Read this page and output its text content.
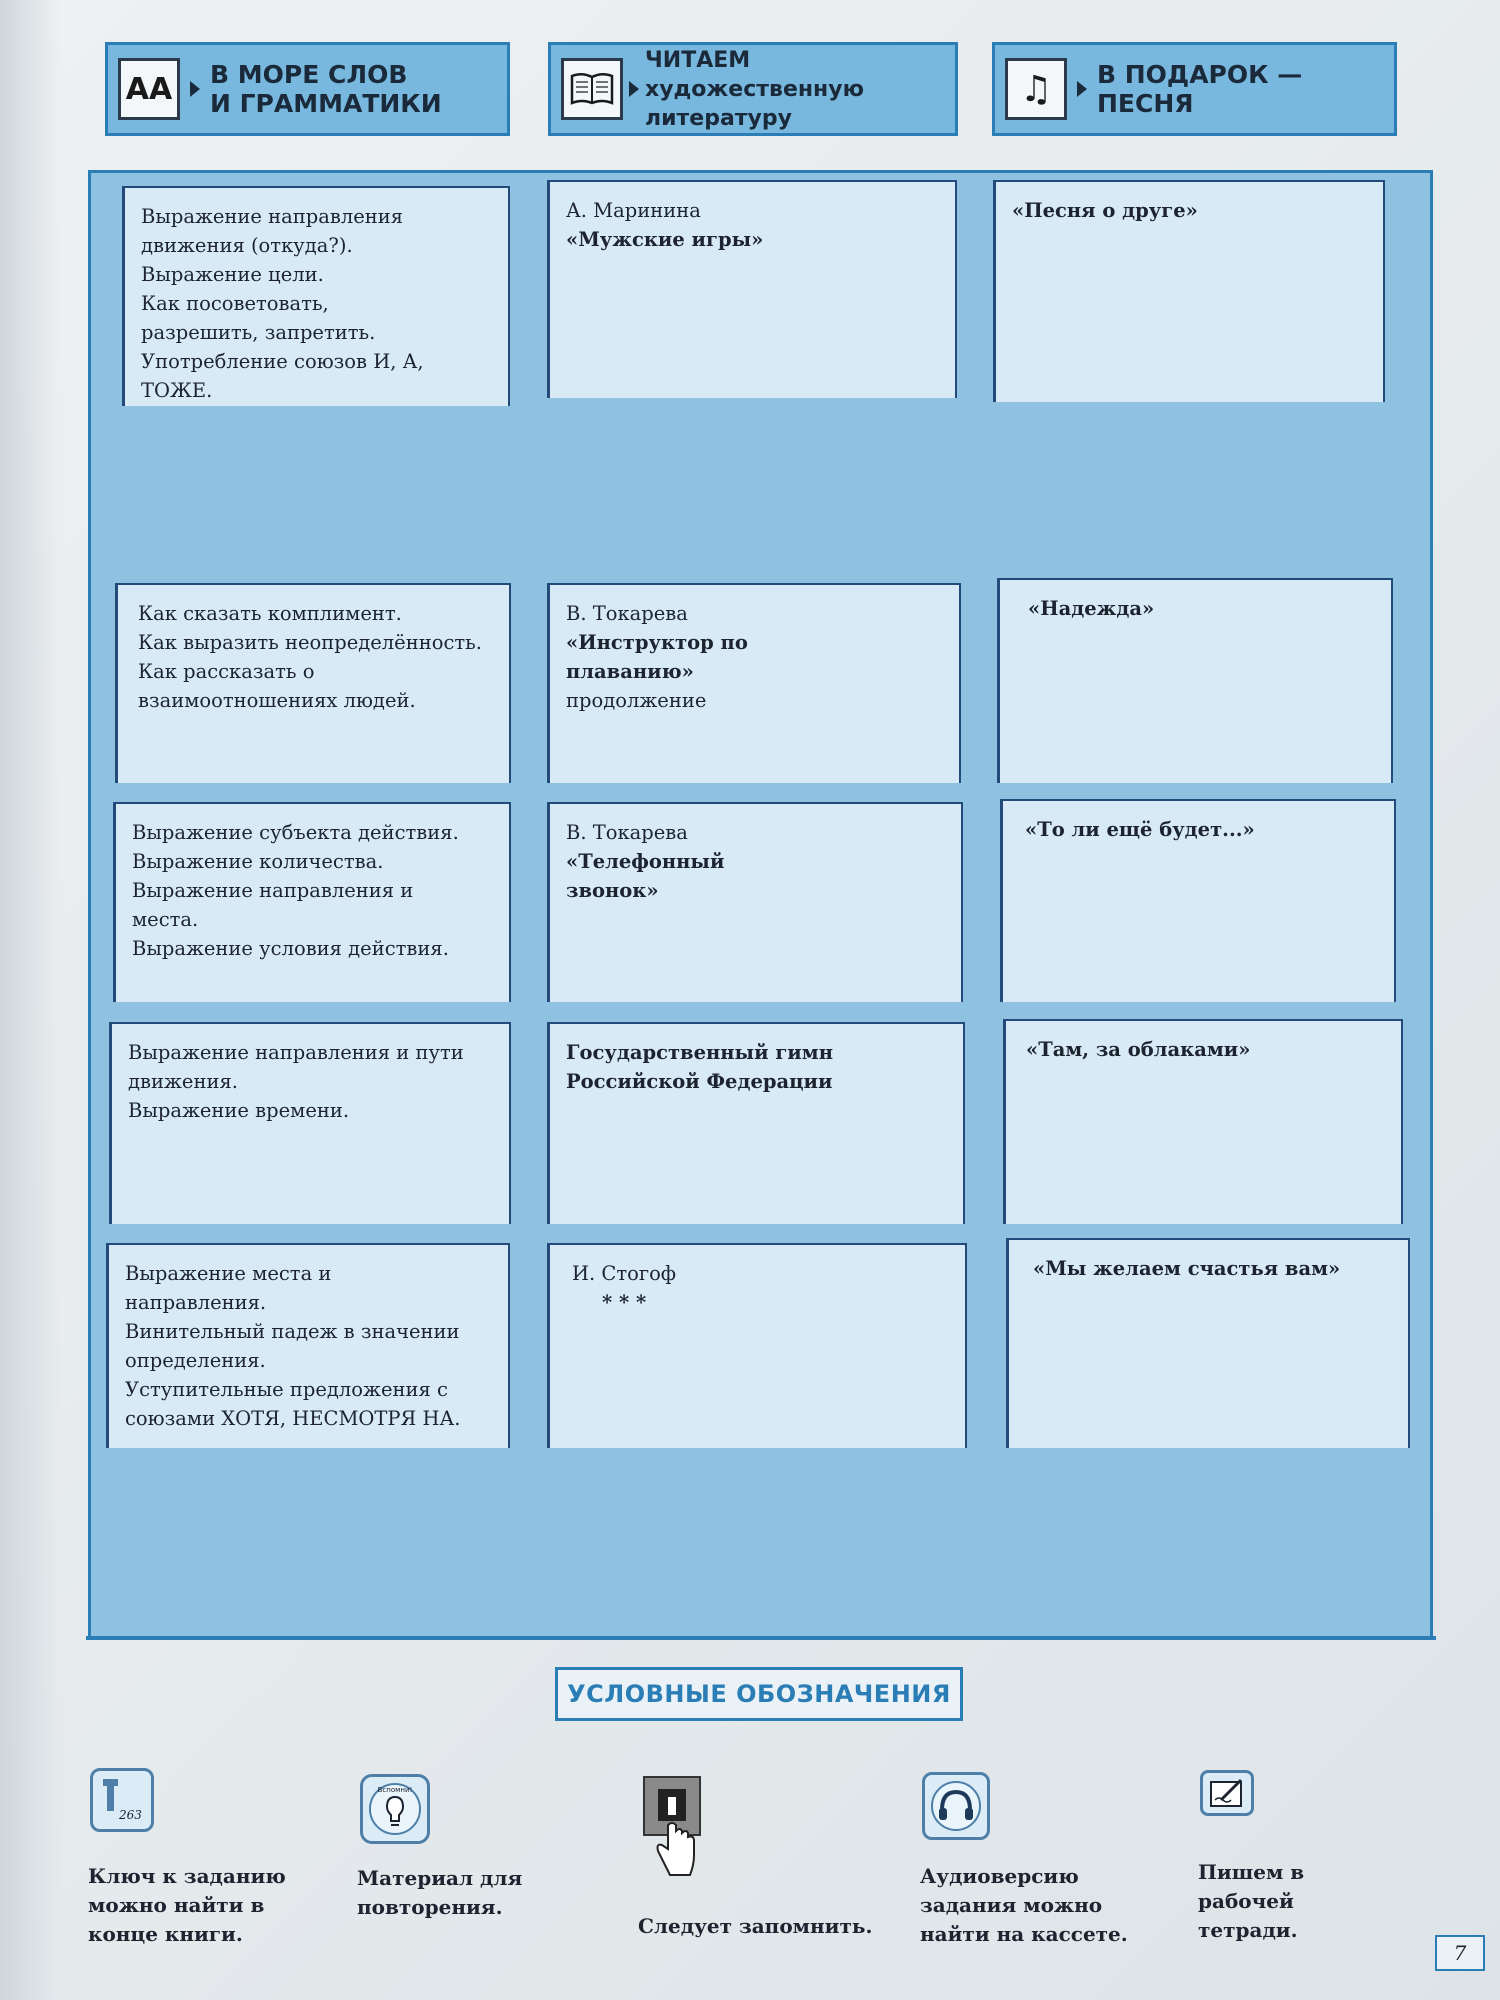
AA В МОРЕ СЛОВ
И ГРАММАТИКИ
ЧИТАЕМ
художественную
литературу
♫ В ПОДАРОК —
ПЕСНЯ
Выражение направления
движения (откуда?).
Выражение цели.
Как посоветовать,
разрешить, запретить.
Употребление союзов И, А,
ТОЖЕ.
А. Маринина
«Мужские игры»
«Песня о друге»
Как сказать комплимент.
Как выразить неопределённость.
Как рассказать о
взаимоотношениях людей.
В. Токарева
«Инструктор по плаванию»
продолжение
«Надежда»
Выражение субъекта действия.
Выражение количества.
Выражение направления и
места.
Выражение условия действия.
В. Токарева
«Телефонный звонок»
«То ли ещё будет...»
Выражение направления и пути
движения.
Выражение времени.
Государственный гимн Российской Федерации
«Там, за облаками»
Выражение места и
направления.
Винительный падеж в значении
определения.
Уступительные предложения с
союзами ХОТЯ, НЕСМОТРЯ НА.
И. Стогоф
* * *
«Мы желаем счастья вам»
УСЛОВНЫЕ ОБОЗНАЧЕНИЯ
263
Ключ к заданию можно найти в конце книги.
Вспомни!
Материал для повторения.
Следует запомнить.
Аудиоверсию задания можно найти на кассете.
Пишем в рабочей тетради.
7
